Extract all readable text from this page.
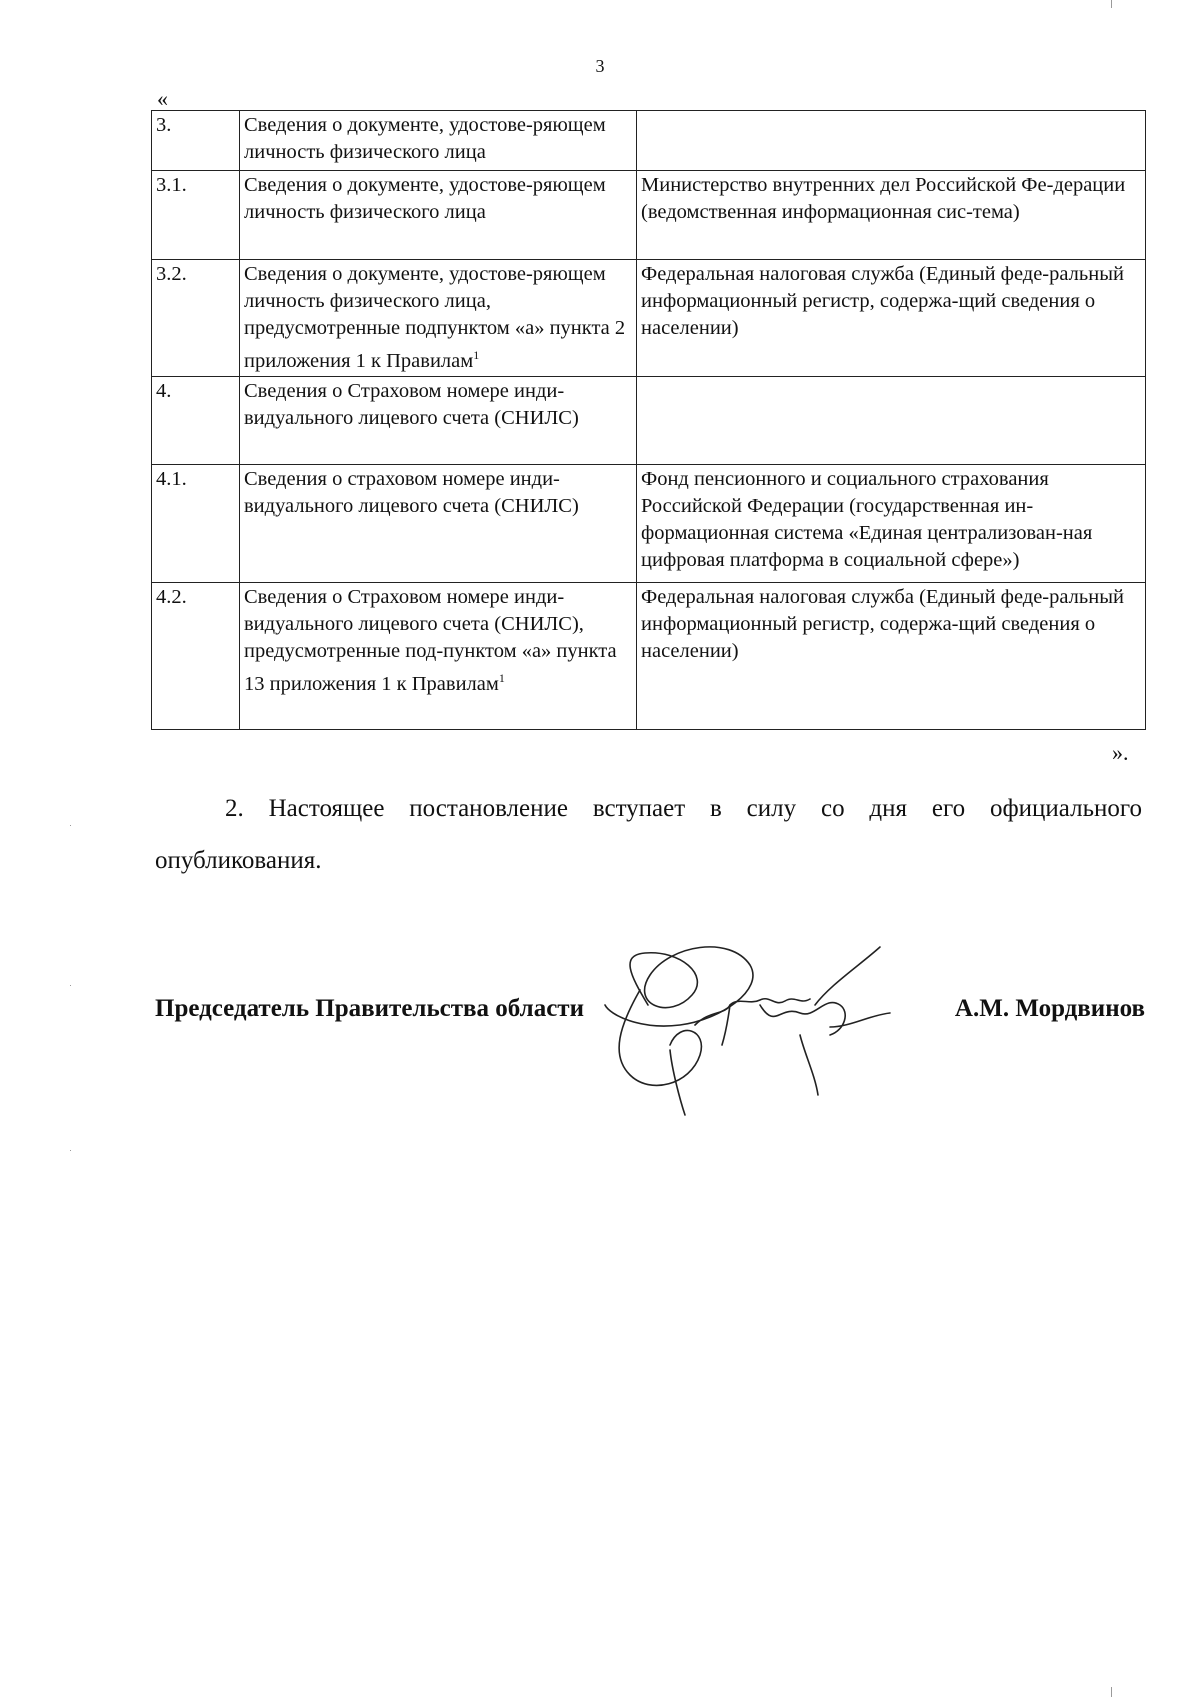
3
«
3.	Сведения о документе, удостове-ряющем личность физического лица	
3.1.	Сведения о документе, удостове-ряющем личность физического лица	Министерство внутренних дел Российской Фе-дерации (ведомственная информационная сис-тема)
3.2.	Сведения о документе, удостове-ряющем личность физического лица, предусмотренные подпунктом «а» пункта 2 приложения 1 к Правилам$^1$	Федеральная налоговая служба (Единый феде-ральный информационный регистр, содержа-щий сведения о населении)
4.	Сведения о Страховом номере инди-видуального лицевого счета (СНИЛС)	
4.1.	Сведения о страховом номере инди-видуального лицевого счета (СНИЛС)	Фонд пенсионного и социального страхования Российской Федерации (государственная ин-формационная система «Единая централизован-ная цифровая платформа в социальной сфере»)
4.2.	Сведения о Страховом номере инди-видуального лицевого счета (СНИЛС), предусмотренные под-пунктом «а» пункта 13 приложения 1 к Правилам$^1$	Федеральная налоговая служба (Единый феде-ральный информационный регистр, содержа-щий сведения о населении)
».

2. Настоящее постановление вступает в силу со дня его официального опубликования.

Председатель Правительства области	А.М. Мордвинов
